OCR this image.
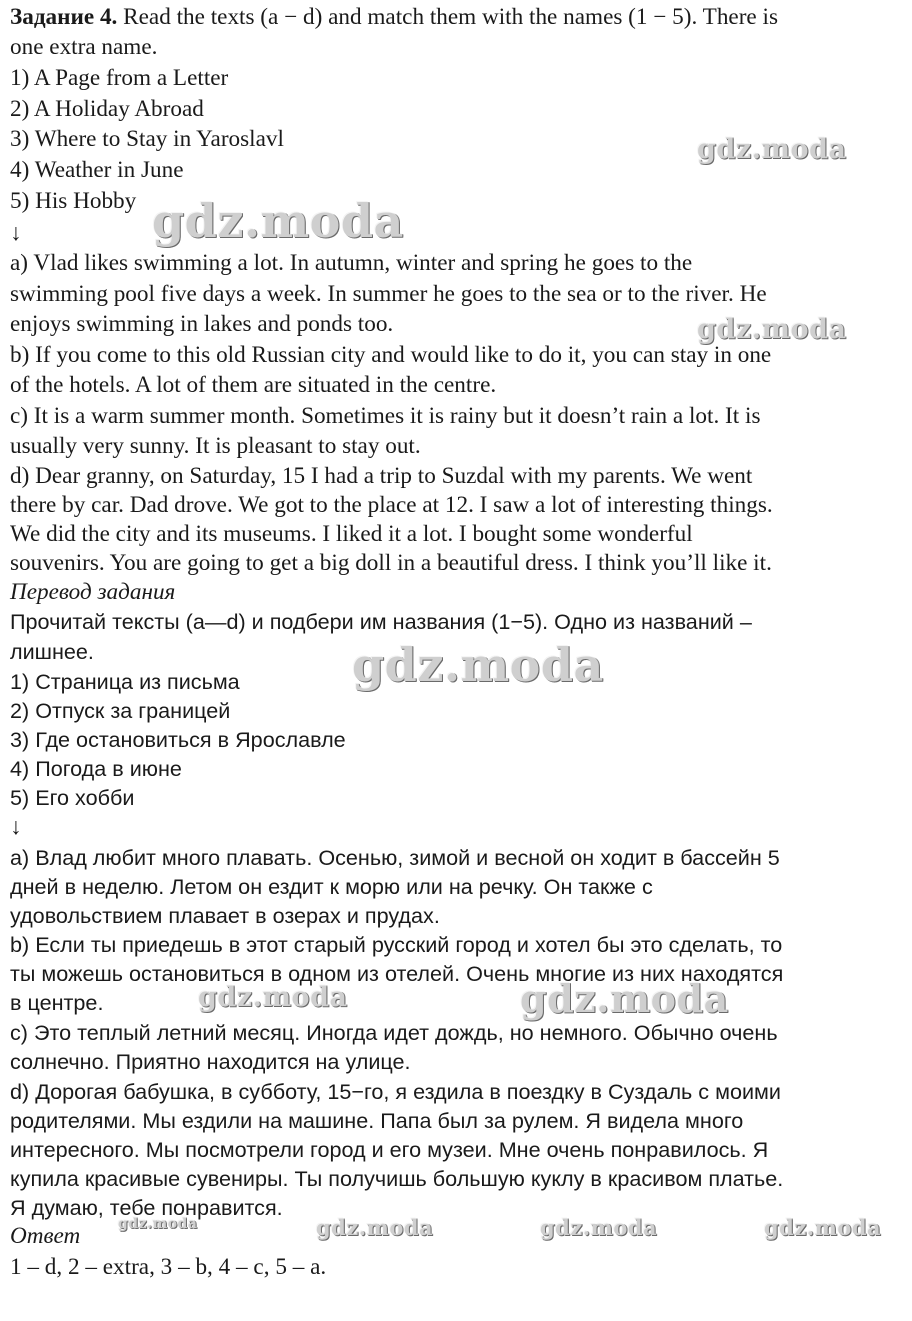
Задание 4. Read the texts (a − d) and match them with the names (1 − 5). There is
one extra name.
1) A Page from a Letter
2) A Holiday Abroad
3) Where to Stay in Yaroslavl
4) Weather in June
5) His Hobby
↓
a) Vlad likes swimming a lot. In autumn, winter and spring he goes to the
swimming pool five days a week. In summer he goes to the sea or to the river. He
enjoys swimming in lakes and ponds too.
b) If you come to this old Russian city and would like to do it, you can stay in one
of the hotels. A lot of them are situated in the centre.
c) It is a warm summer month. Sometimes it is rainy but it doesn’t rain a lot. It is
usually very sunny. It is pleasant to stay out.
d) Dear granny, on Saturday, 15 I had a trip to Suzdal with my parents. We went
there by car. Dad drove. We got to the place at 12. I saw a lot of interesting things.
We did the city and its museums. I liked it a lot. I bought some wonderful
souvenirs. You are going to get a big doll in a beautiful dress. I think you’ll like it.
Перевод задания
Прочитай тексты (a—d) и подбери им названия (1−5). Одно из названий –
лишнее.
1) Страница из письма
2) Отпуск за границей
3) Где остановиться в Ярославле
4) Погода в июне
5) Его хобби
↓
a) Влад любит много плавать. Осенью, зимой и весной он ходит в бассейн 5
дней в неделю. Летом он ездит к морю или на речку. Он также с
удовольствием плавает в озерах и прудах.
b) Если ты приедешь в этот старый русский город и хотел бы это сделать, то
ты можешь остановиться в одном из отелей. Очень многие из них находятся
в центре.
c) Это теплый летний месяц. Иногда идет дождь, но немного. Обычно очень
солнечно. Приятно находится на улице.
d) Дорогая бабушка, в субботу, 15−го, я ездила в поездку в Суздаль с моими
родителями. Мы ездили на машине. Папа был за рулем. Я видела много
интересного. Мы посмотрели город и его музеи. Мне очень понравилось. Я
купила красивые сувениры. Ты получишь большую куклу в красивом платье.
Я думаю, тебе понравится.
Ответ
1 – d, 2 – extra, 3 – b, 4 – c, 5 – a.
gdz.moda
gdz.moda
gdz.moda
gdz.moda
gdz.moda	gdz.moda
gdz.moda	gdz.moda	gdz.moda	gdz.moda
